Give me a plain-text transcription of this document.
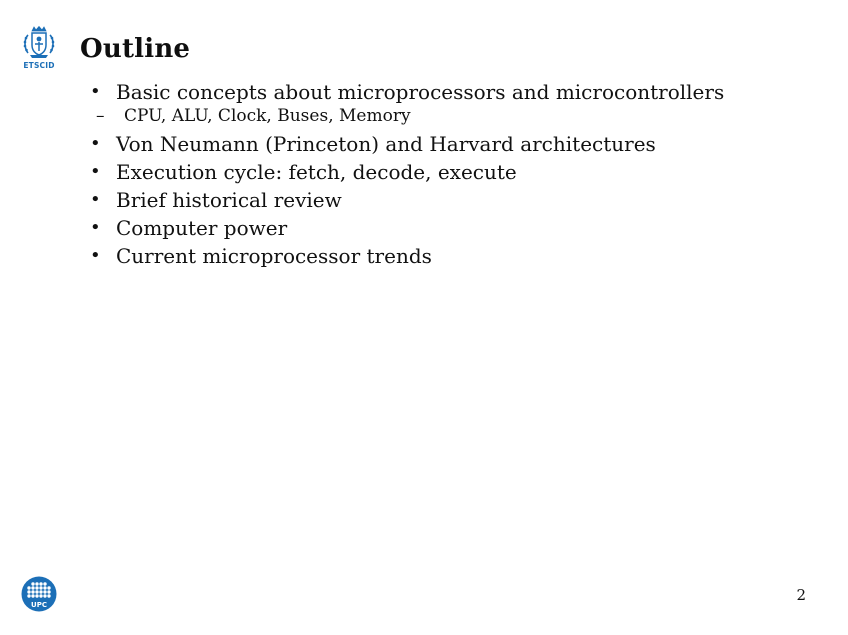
ETSCID
Outline
• Basic concepts about microprocessors and microcontrollers
– CPU, ALU, Clock, Buses, Memory
• Von Neumann (Princeton) and Harvard architectures
• Execution cycle: fetch, decode, execute
• Brief historical review
• Computer power
• Current microprocessor trends
UPC
2
